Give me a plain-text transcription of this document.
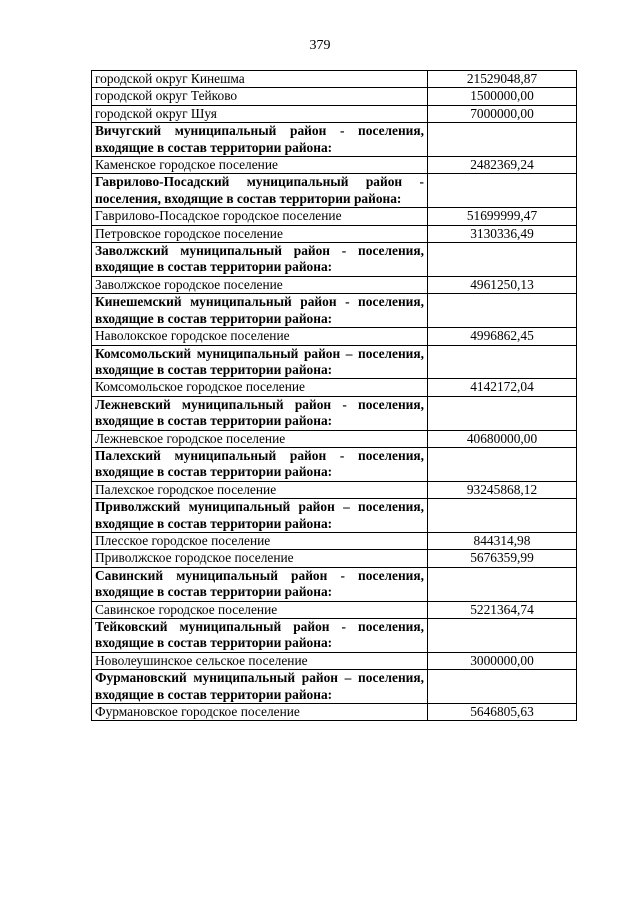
379
городской округ Кинешма	21529048,87
городской округ Тейково	1500000,00
городской округ Шуя	7000000,00
Вичугский муниципальный район - поселения, входящие в состав территории района:	
Каменское городское поселение	2482369,24
Гаврилово-Посадский муниципальный район - поселения, входящие в состав территории района:	
Гаврилово-Посадское городское поселение	51699999,47
Петровское городское поселение	3130336,49
Заволжский муниципальный район - поселения, входящие в состав территории района:	
Заволжское городское поселение	4961250,13
Кинешемский муниципальный район - поселения, входящие в состав территории района:	
Наволокское городское поселение	4996862,45
Комсомольский муниципальный район – поселения, входящие в состав территории района:	
Комсомольское городское поселение	4142172,04
Лежневский муниципальный район - поселения, входящие в состав территории района:	
Лежневское городское поселение	40680000,00
Палехский муниципальный район - поселения, входящие в состав территории района:	
Палехское городское поселение	93245868,12
Приволжский муниципальный район – поселения, входящие в состав территории района:	
Плесское городское поселение	844314,98
Приволжское городское поселение	5676359,99
Савинский муниципальный район - поселения, входящие в состав территории района:	
Савинское городское поселение	5221364,74
Тейковский муниципальный район - поселения, входящие в состав территории района:	
Новолеушинское сельское поселение	3000000,00
Фурмановский муниципальный район – поселения, входящие в состав территории района:	
Фурмановское городское поселение	5646805,63
